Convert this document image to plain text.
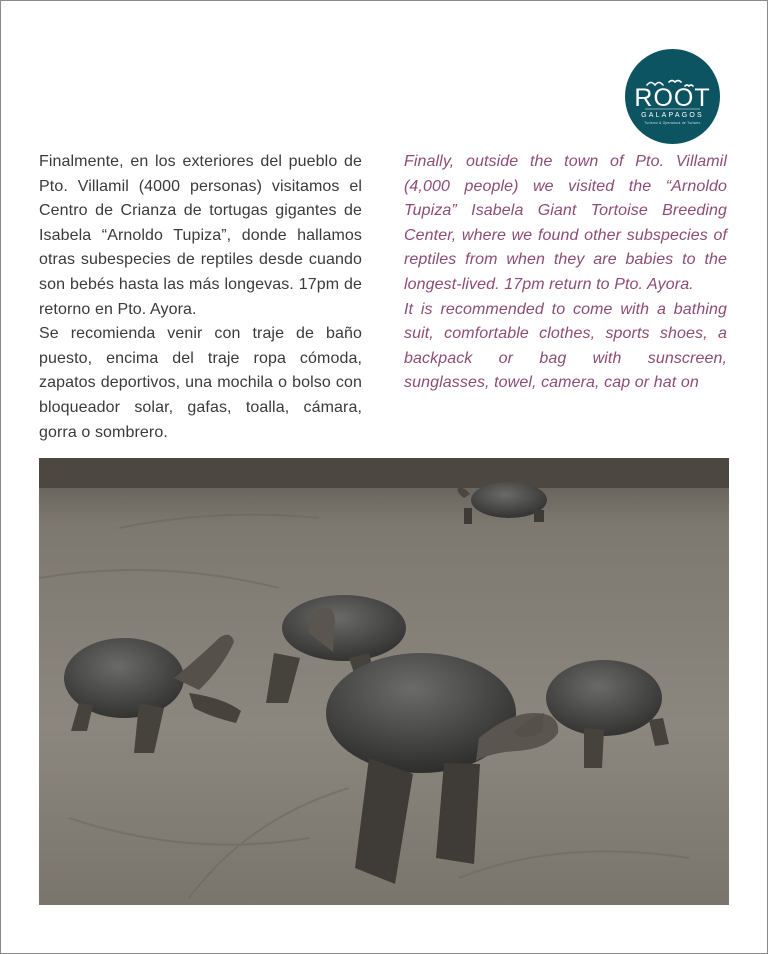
ROOT
GALAPAGOS
Turismo & Operadora de Turismo

Finalmente, en los exteriores del pueblo de Pto. Villamil (4000 personas) visitamos el Centro de Crianza de tortugas gigantes de Isabela “Arnoldo Tupiza”, donde hallamos otras subespecies de reptiles desde cuando son bebés hasta las más longevas. 17pm de retorno en Pto. Ayora.

Se recomienda venir con traje de baño puesto, encima del traje ropa cómoda, zapatos deportivos, una mochila o bolso con bloqueador solar, gafas, toalla, cámara, gorra o sombrero.

Finally, outside the town of Pto. Villamil (4,000 people) we visited the “Arnoldo Tupiza” Isabela Giant Tortoise Breeding Center, where we found other subspecies of reptiles from when they are babies to the longest-lived. 17pm return to Pto. Ayora.

It is recommended to come with a bathing suit, comfortable clothes, sports shoes, a backpack or bag with sunscreen, sunglasses, towel, camera, cap or hat on
